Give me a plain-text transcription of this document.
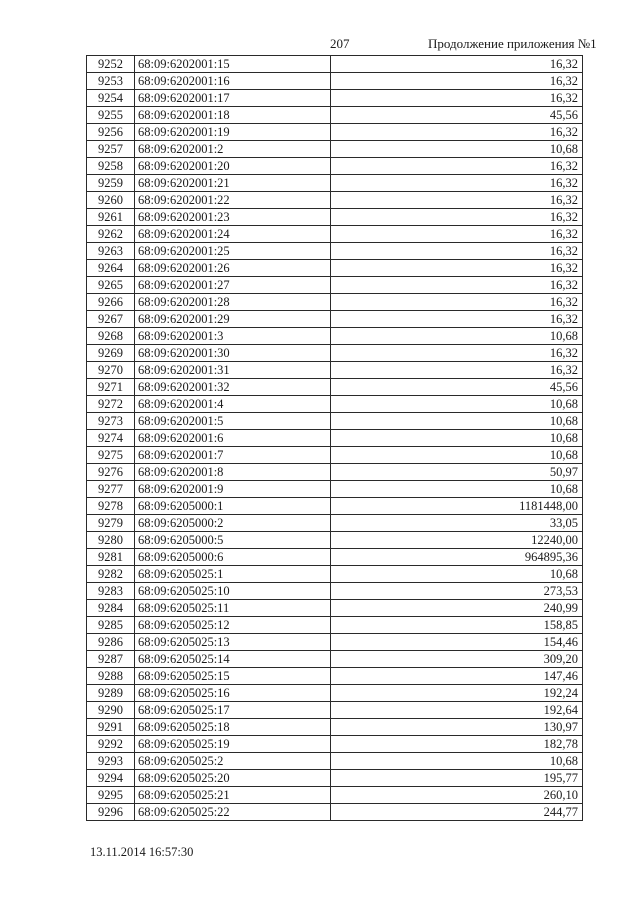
207	Продолжение приложения №1
9252	68:09:6202001:15	16,32
9253	68:09:6202001:16	16,32
9254	68:09:6202001:17	16,32
9255	68:09:6202001:18	45,56
9256	68:09:6202001:19	16,32
9257	68:09:6202001:2	10,68
9258	68:09:6202001:20	16,32
9259	68:09:6202001:21	16,32
9260	68:09:6202001:22	16,32
9261	68:09:6202001:23	16,32
9262	68:09:6202001:24	16,32
9263	68:09:6202001:25	16,32
9264	68:09:6202001:26	16,32
9265	68:09:6202001:27	16,32
9266	68:09:6202001:28	16,32
9267	68:09:6202001:29	16,32
9268	68:09:6202001:3	10,68
9269	68:09:6202001:30	16,32
9270	68:09:6202001:31	16,32
9271	68:09:6202001:32	45,56
9272	68:09:6202001:4	10,68
9273	68:09:6202001:5	10,68
9274	68:09:6202001:6	10,68
9275	68:09:6202001:7	10,68
9276	68:09:6202001:8	50,97
9277	68:09:6202001:9	10,68
9278	68:09:6205000:1	1181448,00
9279	68:09:6205000:2	33,05
9280	68:09:6205000:5	12240,00
9281	68:09:6205000:6	964895,36
9282	68:09:6205025:1	10,68
9283	68:09:6205025:10	273,53
9284	68:09:6205025:11	240,99
9285	68:09:6205025:12	158,85
9286	68:09:6205025:13	154,46
9287	68:09:6205025:14	309,20
9288	68:09:6205025:15	147,46
9289	68:09:6205025:16	192,24
9290	68:09:6205025:17	192,64
9291	68:09:6205025:18	130,97
9292	68:09:6205025:19	182,78
9293	68:09:6205025:2	10,68
9294	68:09:6205025:20	195,77
9295	68:09:6205025:21	260,10
9296	68:09:6205025:22	244,77
13.11.2014 16:57:30
